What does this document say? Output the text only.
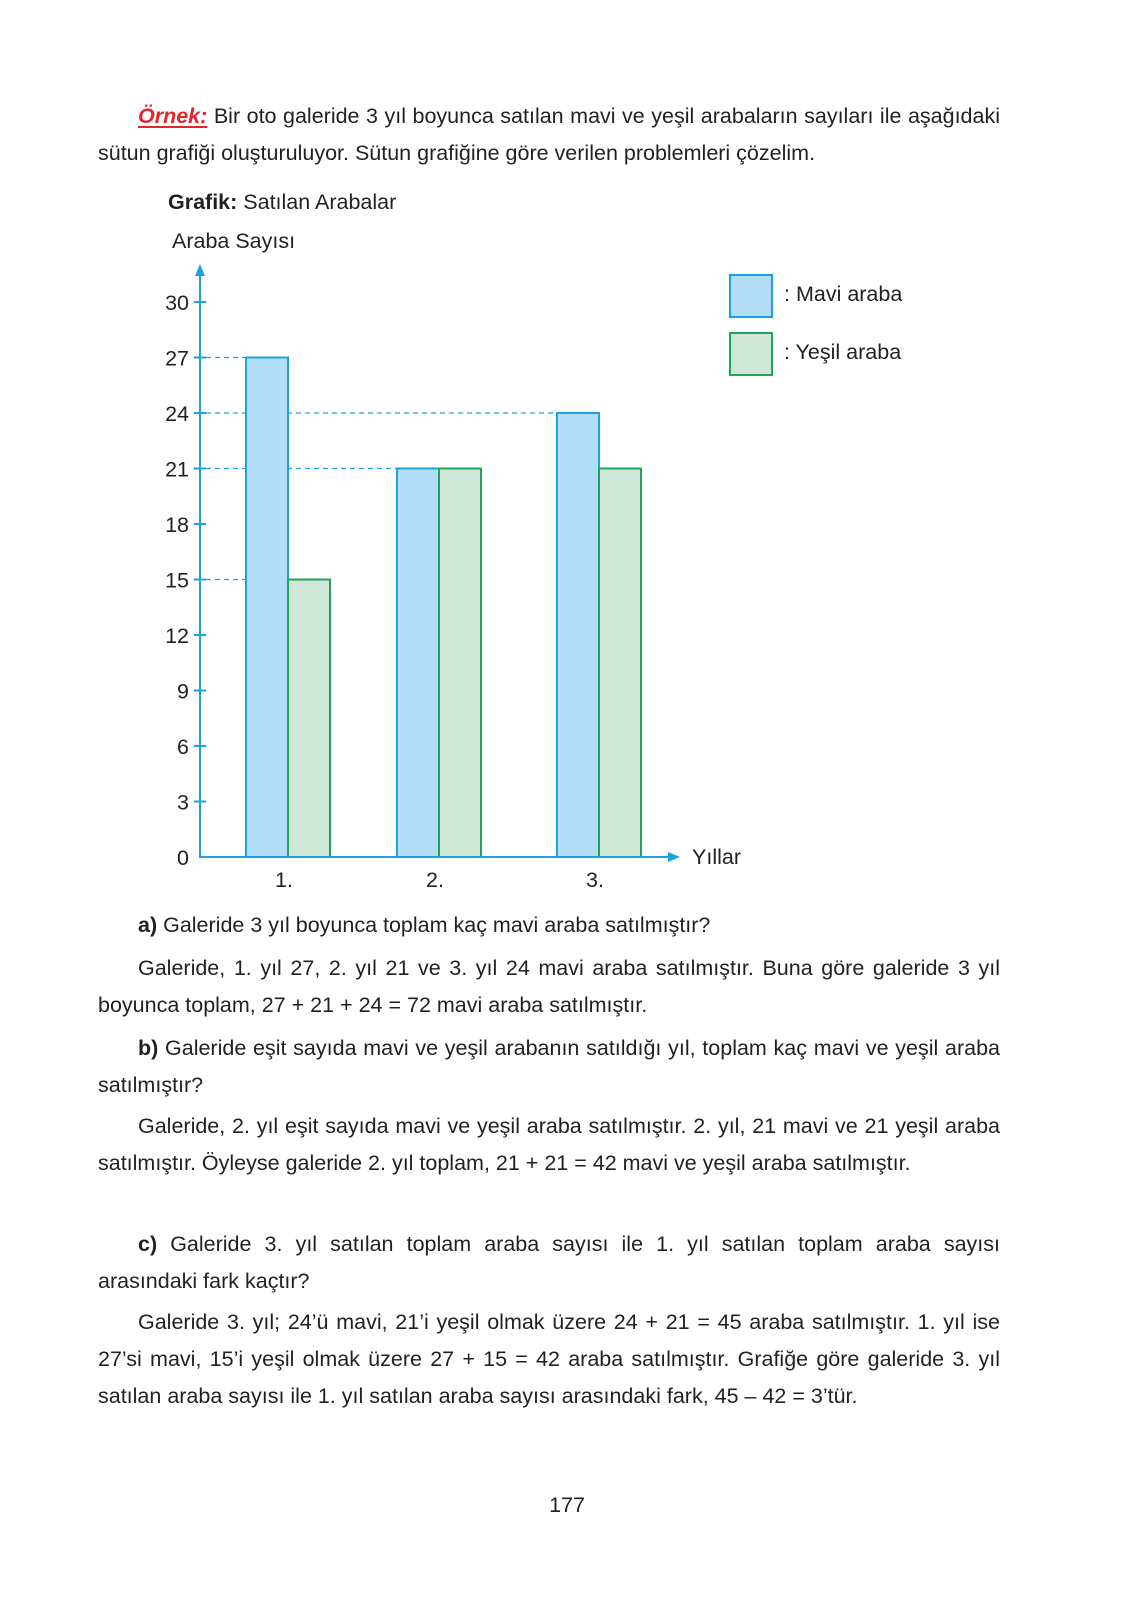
Örnek: Bir oto galeride 3 yıl boyunca satılan mavi ve yeşil arabaların sayıları ile aşağıdaki sütun grafiği oluşturuluyor. Sütun grafiğine göre verilen problemleri çözelim.

Grafik: Satılan Arabalar
Araba Sayısı
30
27
24
21
18
15
12
9
6
3
0
1.	2.	3.
Yıllar
: Mavi araba
: Yeşil araba

a) Galeride 3 yıl boyunca toplam kaç mavi araba satılmıştır?

Galeride, 1. yıl 27, 2. yıl 21 ve 3. yıl 24 mavi araba satılmıştır. Buna göre galeride 3 yıl boyunca toplam, 27 + 21 + 24 = 72 mavi araba satılmıştır.

b) Galeride eşit sayıda mavi ve yeşil arabanın satıldığı yıl, toplam kaç mavi ve yeşil araba satılmıştır?

Galeride, 2. yıl eşit sayıda mavi ve yeşil araba satılmıştır. 2. yıl, 21 mavi ve 21 yeşil araba satılmıştır. Öyleyse galeride 2. yıl toplam, 21 + 21 = 42 mavi ve yeşil araba satılmıştır.

c) Galeride 3. yıl satılan toplam araba sayısı ile 1. yıl satılan toplam araba sayısı arasındaki fark kaçtır?

Galeride 3. yıl; 24’ü mavi, 21’i yeşil olmak üzere 24 + 21 = 45 araba satılmıştır. 1. yıl ise 27’si mavi, 15’i yeşil olmak üzere 27 + 15 = 42 araba satılmıştır. Grafiğe göre galeride 3. yıl satılan araba sayısı ile 1. yıl satılan araba sayısı arasındaki fark, 45 – 42 = 3’tür.

177
